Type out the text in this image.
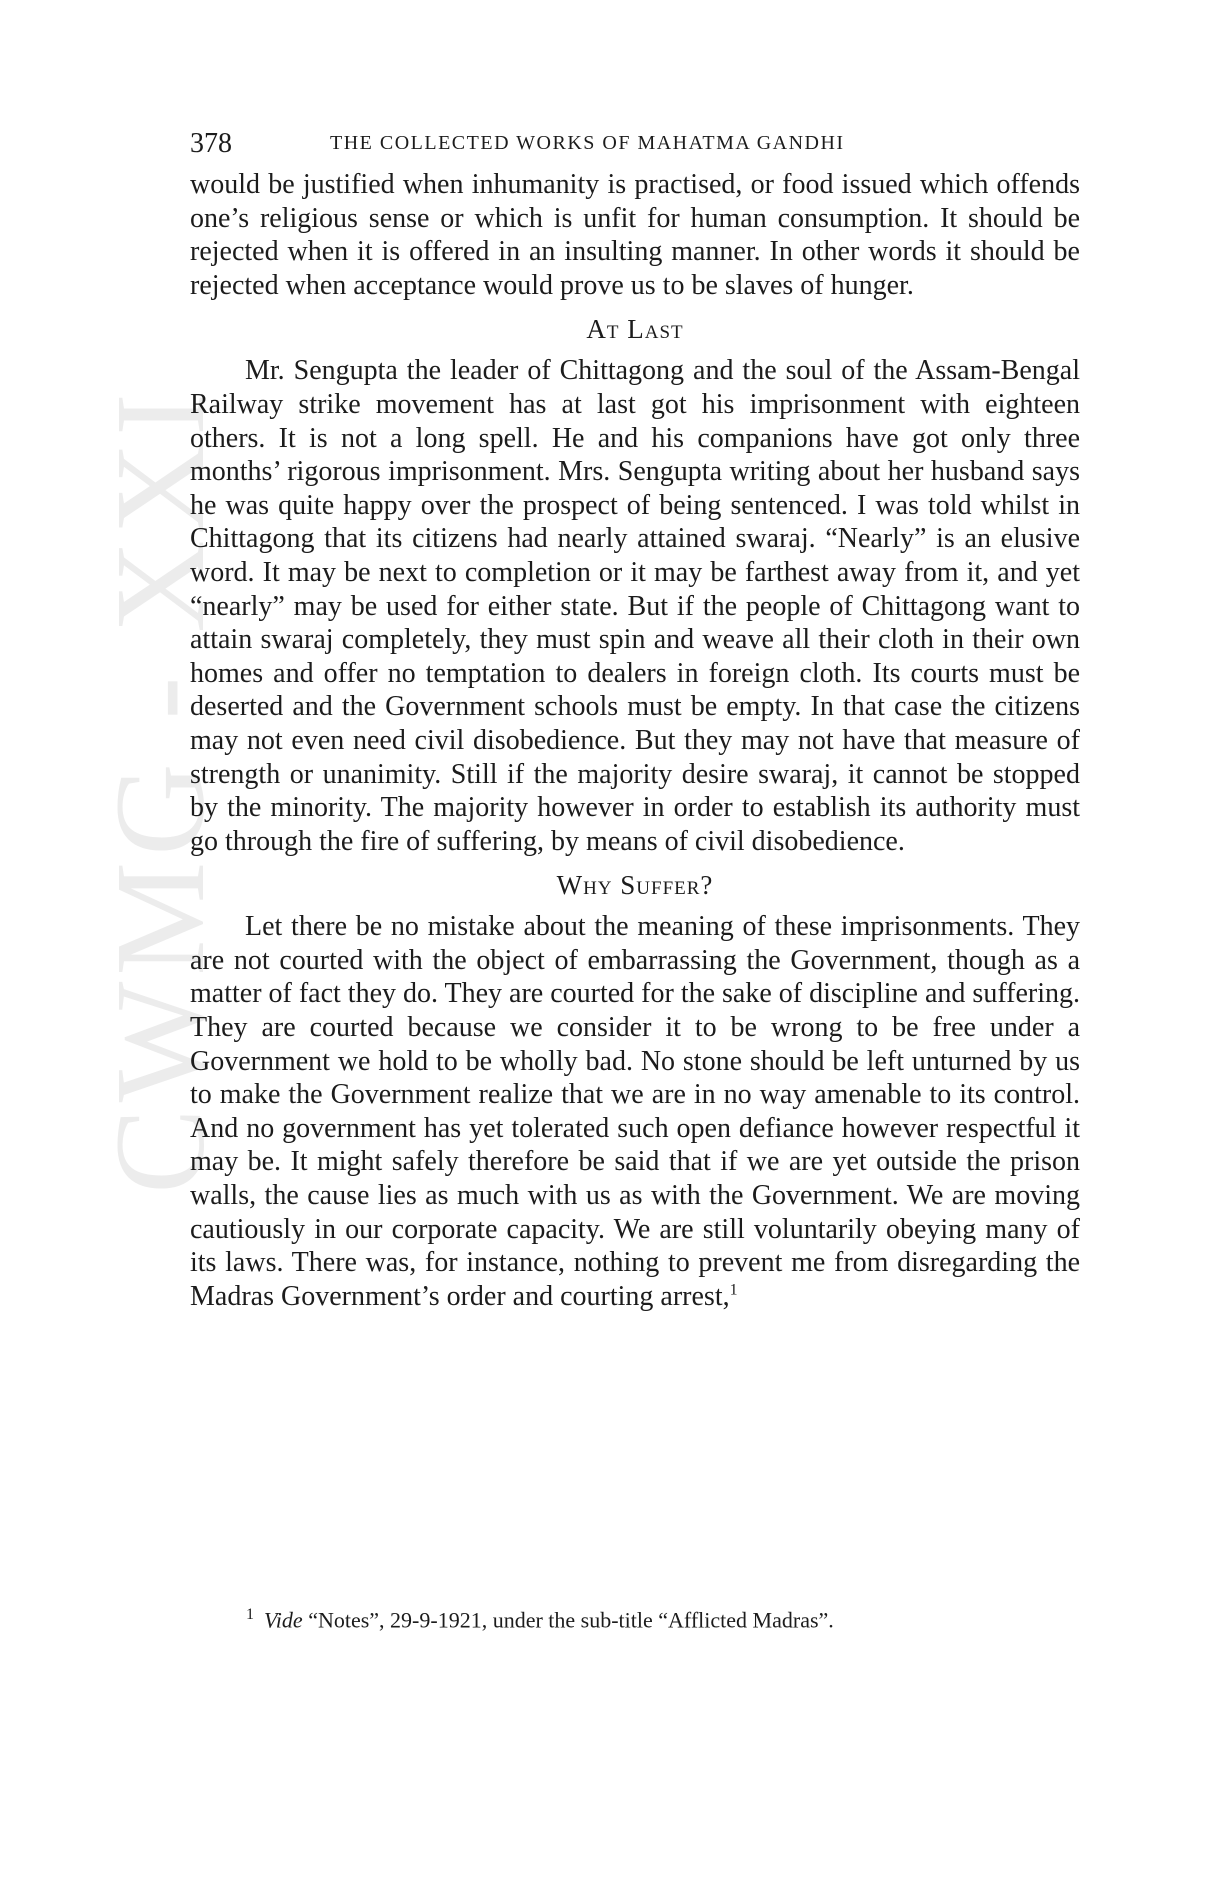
CWMG - XXI
378	THE COLLECTED WORKS OF MAHATMA GANDHI

would be justified when inhumanity is practised, or food issued which offends one’s religious sense or which is unfit for human consumption. It should be rejected when it is offered in an insulting manner. In other words it should be rejected when acceptance would prove us to be slaves of hunger.

At Last

Mr. Sengupta the leader of Chittagong and the soul of the Assam-Bengal Railway strike movement has at last got his imprisonment with eighteen others. It is not a long spell. He and his companions have got only three months’ rigorous imprisonment. Mrs. Sengupta writing about her husband says he was quite happy over the prospect of being sentenced. I was told whilst in Chittagong that its citizens had nearly attained swaraj. “Nearly” is an elusive word. It may be next to completion or it may be farthest away from it, and yet “nearly” may be used for either state. But if the people of Chittagong want to attain swaraj completely, they must spin and weave all their cloth in their own homes and offer no temptation to dealers in foreign cloth. Its courts must be deserted and the Government schools must be empty. In that case the citizens may not even need civil disobedience. But they may not have that measure of strength or unanimity. Still if the majority desire swaraj, it cannot be stopped by the minority. The majority however in order to establish its authority must go through the fire of suffering, by means of civil disobedience.

Why Suffer?

Let there be no mistake about the meaning of these imprisonments. They are not courted with the object of embarrassing the Government, though as a matter of fact they do. They are courted for the sake of discipline and suffering. They are courted because we consider it to be wrong to be free under a Government we hold to be wholly bad. No stone should be left unturned by us to make the Government realize that we are in no way amenable to its control. And no government has yet tolerated such open defiance however respectful it may be. It might safely therefore be said that if we are yet outside the prison walls, the cause lies as much with us as with the Government. We are moving cautiously in our corporate capacity. We are still voluntarily obeying many of its laws. There was, for instance, nothing to prevent me from disregarding the Madras Government’s order and courting arrest,$^1$

$^1$ Vide “Notes”, 29-9-1921, under the sub-title “Afflicted Madras”.
